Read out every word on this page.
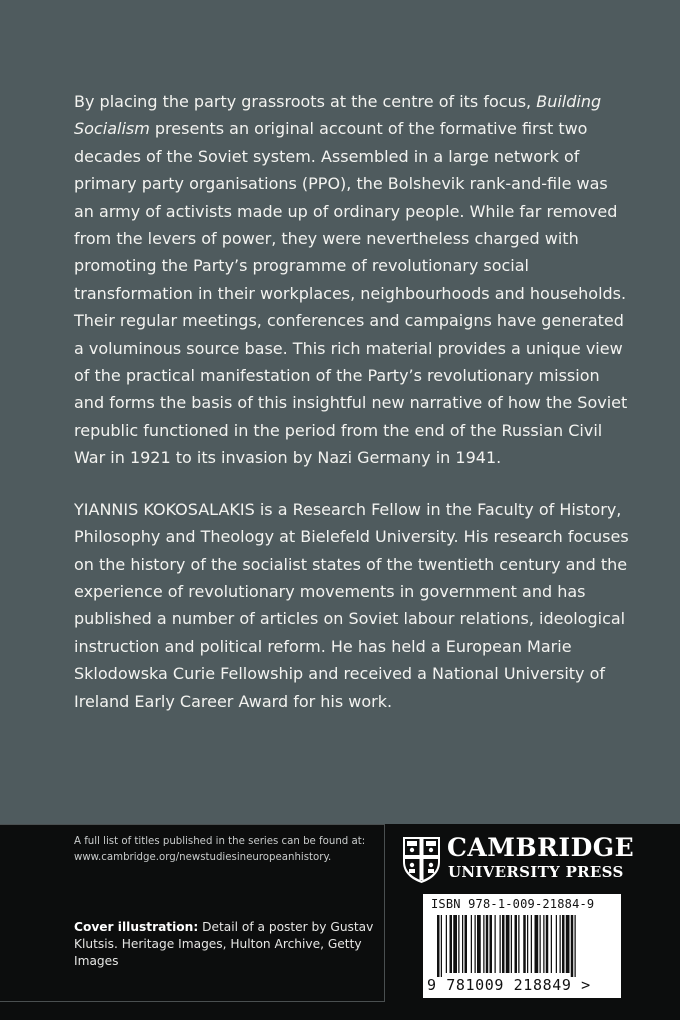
By placing the party grassroots at the centre of its focus, Building Socialism presents an original account of the formative first two decades of the Soviet system. Assembled in a large network of primary party organisations (PPO), the Bolshevik rank-and-file was an army of activists made up of ordinary people. While far removed from the levers of power, they were nevertheless charged with promoting the Party’s programme of revolutionary social transformation in their workplaces, neighbourhoods and households. Their regular meetings, conferences and campaigns have generated a voluminous source base. This rich material provides a unique view of the practical manifestation of the Party’s revolutionary mission and forms the basis of this insightful new narrative of how the Soviet republic functioned in the period from the end of the Russian Civil War in 1921 to its invasion by Nazi Germany in 1941.

YIANNIS KOKOSALAKIS is a Research Fellow in the Faculty of History, Philosophy and Theology at Bielefeld University. His research focuses on the history of the socialist states of the twentieth century and the experience of revolutionary movements in government and has published a number of articles on Soviet labour relations, ideological instruction and political reform. He has held a European Marie Sklodowska Curie Fellowship and received a National University of Ireland Early Career Award for his work.

A full list of titles published in the series can be found at:
www.cambridge.org/newstudiesineuropeanhistory.
Cover illustration: Detail of a poster by Gustav Klutsis. Heritage Images, Hulton Archive, Getty Images
CAMBRIDGE
UNIVERSITY PRESS
ISBN 978-1-009-21884-9
9 781009 218849 >
